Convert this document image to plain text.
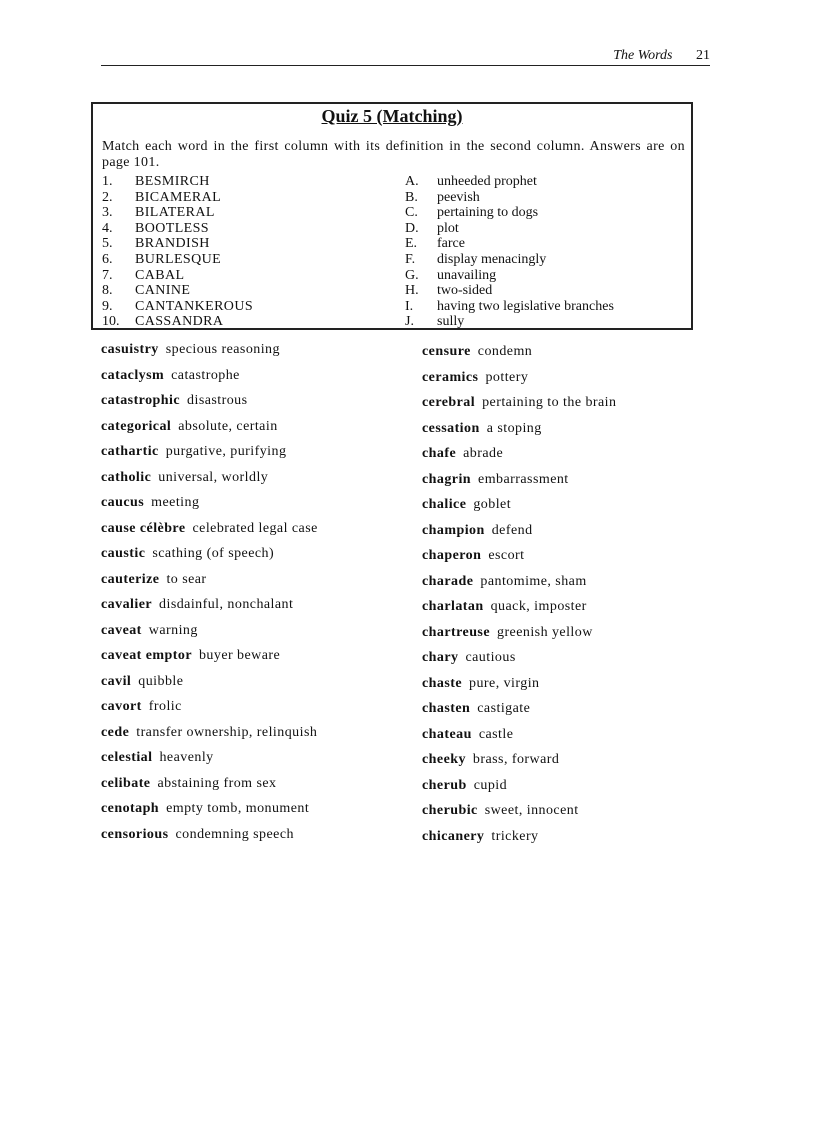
The Words 21
Quiz 5 (Matching)
Match each word in the first column with its definition in the second column. Answers are on page 101.
1. BESMIRCH	A. unheeded prophet
2. BICAMERAL	B. peevish
3. BILATERAL	C. pertaining to dogs
4. BOOTLESS	D. plot
5. BRANDISH	E. farce
6. BURLESQUE	F. display menacingly
7. CABAL	G. unavailing
8. CANINE	H. two-sided
9. CANTANKEROUS	I. having two legislative branches
10. CASSANDRA	J. sully
casuistry specious reasoning
cataclysm catastrophe
catastrophic disastrous
categorical absolute, certain
cathartic purgative, purifying
catholic universal, worldly
caucus meeting
cause célèbre celebrated legal case
caustic scathing (of speech)
cauterize to sear
cavalier disdainful, nonchalant
caveat warning
caveat emptor buyer beware
cavil quibble
cavort frolic
cede transfer ownership, relinquish
celestial heavenly
celibate abstaining from sex
cenotaph empty tomb, monument
censorious condemning speech
censure condemn
ceramics pottery
cerebral pertaining to the brain
cessation a stoping
chafe abrade
chagrin embarrassment
chalice goblet
champion defend
chaperon escort
charade pantomime, sham
charlatan quack, imposter
chartreuse greenish yellow
chary cautious
chaste pure, virgin
chasten castigate
chateau castle
cheeky brass, forward
cherub cupid
cherubic sweet, innocent
chicanery trickery
